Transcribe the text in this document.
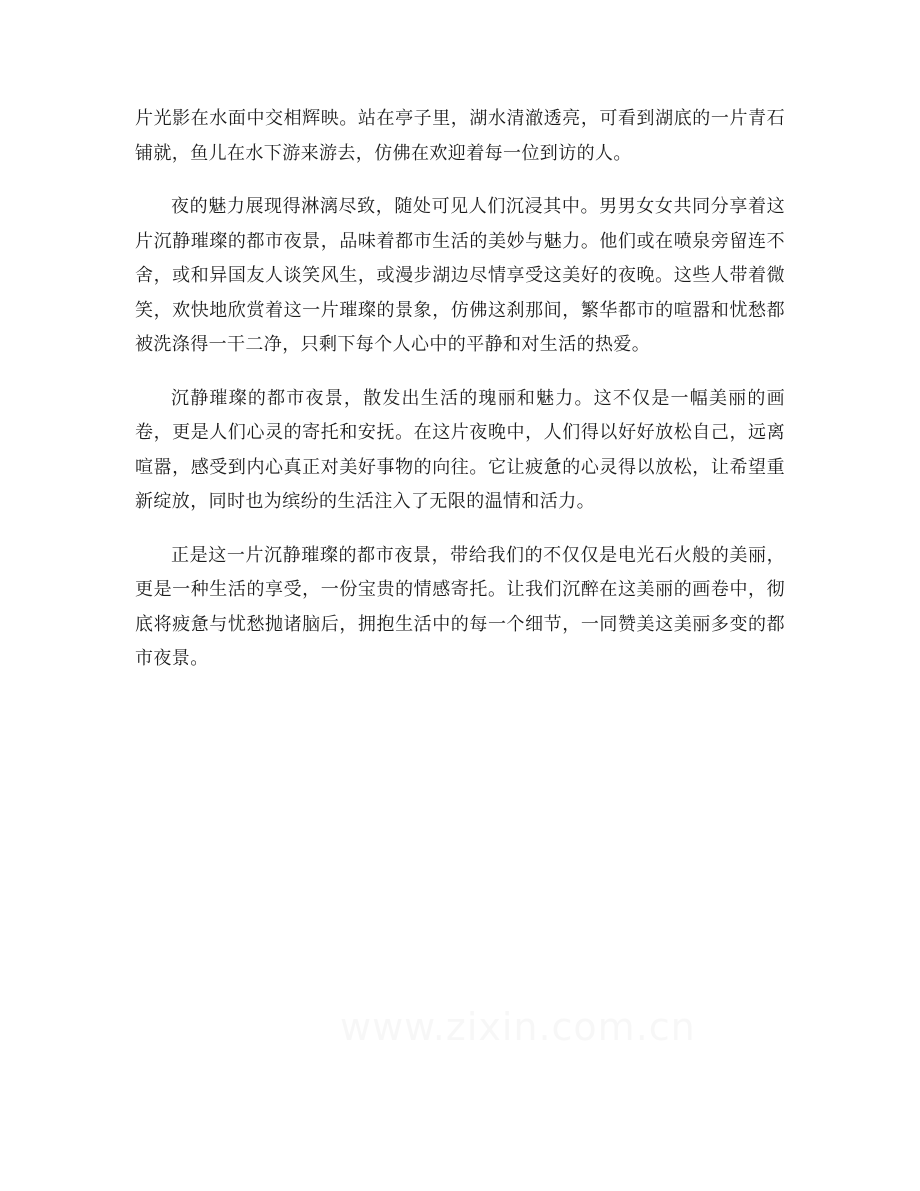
片光影在水面中交相辉映。站在亭子里，湖水清澈透亮，可看到湖底的一片青石铺就，鱼儿在水下游来游去，仿佛在欢迎着每一位到访的人。

夜的魅力展现得淋漓尽致，随处可见人们沉浸其中。男男女女共同分享着这片沉静璀璨的都市夜景，品味着都市生活的美妙与魅力。他们或在喷泉旁留连不舍，或和异国友人谈笑风生，或漫步湖边尽情享受这美好的夜晚。这些人带着微笑，欢快地欣赏着这一片璀璨的景象，仿佛这刹那间，繁华都市的喧嚣和忧愁都被洗涤得一干二净，只剩下每个人心中的平静和对生活的热爱。

沉静璀璨的都市夜景，散发出生活的瑰丽和魅力。这不仅是一幅美丽的画卷，更是人们心灵的寄托和安抚。在这片夜晚中，人们得以好好放松自己，远离喧嚣，感受到内心真正对美好事物的向往。它让疲惫的心灵得以放松，让希望重新绽放，同时也为缤纷的生活注入了无限的温情和活力。

正是这一片沉静璀璨的都市夜景，带给我们的不仅仅是电光石火般的美丽，更是一种生活的享受，一份宝贵的情感寄托。让我们沉醉在这美丽的画卷中，彻底将疲惫与忧愁抛诸脑后，拥抱生活中的每一个细节，一同赞美这美丽多变的都市夜景。

www.zixin.com.cn
